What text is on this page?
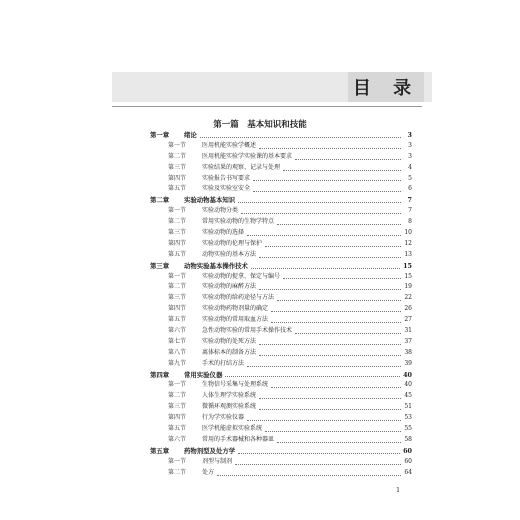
目 录
第一篇　基本知识和技能
第一章	绪论	3
第一节	医用机能实验学概述	3
第二节	医用机能实验学实验课的基本要求	3
第三节	实验结果的观察、记录与处理	4
第四节	实验报告书写要求	5
第五节	实验及实验室安全	6
第二章	实验动物基本知识	7
第一节	实验动物分类	7
第二节	常用实验动物的生物学特点	8
第三节	实验动物的选择	10
第四节	实验动物的伦理与保护	12
第五节	动物实验的基本方法	13
第三章	动物实验基本操作技术	15
第一节	实验动物的捉拿、保定与编号	15
第二节	实验动物的麻醉方法	19
第三节	实验动物的给药途径与方法	22
第四节	实验动物药物剂量的确定	26
第五节	实验动物的常用取血方法	27
第六节	急性动物实验的常用手术操作技术	31
第七节	实验动物的处死方法	37
第八节	离体标本的制备方法	38
第九节	手术的打结方法	39
第四章	常用实验仪器	40
第一节	生物信号采集与处理系统	40
第二节	人体生理学实验系统	45
第三节	微循环观测实验系统	51
第四节	行为学实验仪器	53
第五节	医学机能虚拟实验系统	55
第六节	常用的手术器械和各种器皿	58
第五章	药物剂型及处方学	60
第一节	剂型与制剂	60
第二节	处方	64
1
